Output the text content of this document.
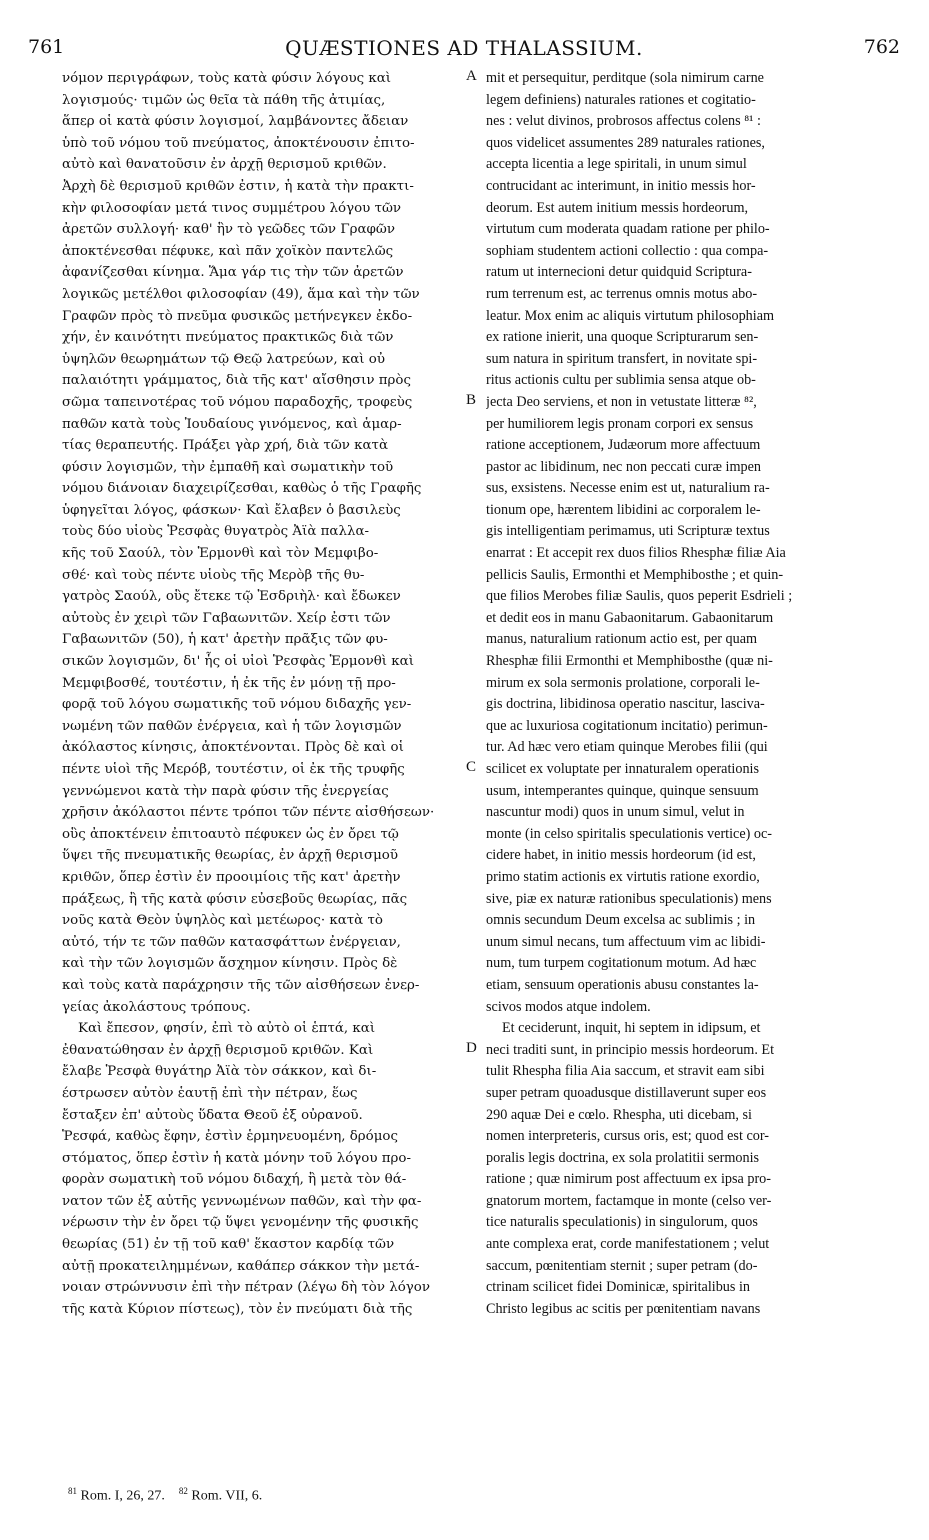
761	QUÆSTIONES AD THALASSIUM.	762
νόμον περιγράφων, τοὺς κατὰ φύσιν λόγους καὶ
λογισμούς· τιμῶν ὡς θεῖα τὰ πάθη τῆς ἀτιμίας,
ἅπερ οἱ κατὰ φύσιν λογισμοί, λαμβάνοντες ἄδειαν
ὑπὸ τοῦ νόμου τοῦ πνεύματος, ἀποκτένουσιν ἐπιτο-
αὐτὸ καὶ θανατοῦσιν ἐν ἀρχῇ θερισμοῦ κριθῶν.
Ἀρχὴ δὲ θερισμοῦ κριθῶν ἐστιν, ἡ κατὰ τὴν πρακτι-
κὴν φιλοσοφίαν μετά τινος συμμέτρου λόγου τῶν
ἀρετῶν συλλογή· καθ' ἣν τὸ γεῶδες τῶν Γραφῶν
ἀποκτένεσθαι πέφυκε, καὶ πᾶν χοϊκὸν παντελῶς
ἀφανίζεσθαι κίνημα. Ἅμα γάρ τις τὴν τῶν ἀρετῶν
λογικῶς μετέλθοι φιλοσοφίαν (49), ἅμα καὶ τὴν τῶν
Γραφῶν πρὸς τὸ πνεῦμα φυσικῶς μετήνεγκεν ἐκδο-
χήν, ἐν καινότητι πνεύματος πρακτικῶς διὰ τῶν
ὑψηλῶν θεωρημάτων τῷ Θεῷ λατρεύων, καὶ οὐ
παλαιότητι γράμματος, διὰ τῆς κατ' αἴσθησιν πρὸς
σῶμα ταπεινοτέρας τοῦ νόμου παραδοχῆς, τροφεὺς
παθῶν κατὰ τοὺς Ἰουδαίους γινόμενος, καὶ ἁμαρ-
τίας θεραπευτής. Πράξει γὰρ χρή, διὰ τῶν κατὰ
φύσιν λογισμῶν, τὴν ἐμπαθῆ καὶ σωματικὴν τοῦ
νόμου διάνοιαν διαχειρίζεσθαι, καθὼς ὁ τῆς Γραφῆς
ὑφηγεῖται λόγος, φάσκων· Καὶ ἔλαβεν ὁ βασιλεὺς
τοὺς δύο υἱοὺς Ῥεσφὰς θυγατρὸς Ἀϊὰ παλλα-
κῆς τοῦ Σαούλ, τὸν Ἑρμονθὶ καὶ τὸν Μεμφιβο-
σθέ· καὶ τοὺς πέντε υἱοὺς τῆς Μερὸβ τῆς θυ-
γατρὸς Σαούλ, οὓς ἔτεκε τῷ Ἐσδριὴλ· καὶ ἔδωκεν
αὐτοὺς ἐν χειρὶ τῶν Γαβαωνιτῶν. Χείρ ἐστι τῶν
Γαβαωνιτῶν (50), ἡ κατ' ἀρετὴν πρᾶξις τῶν φυ-
σικῶν λογισμῶν, δι' ἧς οἱ υἱοὶ Ῥεσφὰς Ἑρμονθὶ καὶ
Μεμφιβοσθέ, τουτέστιν, ἡ ἐκ τῆς ἐν μόνῃ τῇ προ-
φορᾷ τοῦ λόγου σωματικῆς τοῦ νόμου διδαχῆς γεν-
νωμένη τῶν παθῶν ἐνέργεια, καὶ ἡ τῶν λογισμῶν
ἀκόλαστος κίνησις, ἀποκτένονται. Πρὸς δὲ καὶ οἱ
πέντε υἱοὶ τῆς Μερόβ, τουτέστιν, οἱ ἐκ τῆς τρυφῆς
γεννώμενοι κατὰ τὴν παρὰ φύσιν τῆς ἐνεργείας
χρῆσιν ἀκόλαστοι πέντε τρόποι τῶν πέντε αἰσθήσεων·
οὓς ἀποκτένειν ἐπιτοαυτὸ πέφυκεν ὡς ἐν ὄρει τῷ
ὕψει τῆς πνευματικῆς θεωρίας, ἐν ἀρχῇ θερισμοῦ
κριθῶν, ὅπερ ἐστὶν ἐν προοιμίοις τῆς κατ' ἀρετὴν
πράξεως, ἢ τῆς κατὰ φύσιν εὐσεβοῦς θεωρίας, πᾶς
νοῦς κατὰ Θεὸν ὑψηλὸς καὶ μετέωρος· κατὰ τὸ
αὐτό, τήν τε τῶν παθῶν κατασφάττων ἐνέργειαν,
καὶ τὴν τῶν λογισμῶν ἄσχημον κίνησιν. Πρὸς δὲ
καὶ τοὺς κατὰ παράχρησιν τῆς τῶν αἰσθήσεων ἐνερ-
γείας ἀκολάστους τρόπους.
Καὶ ἔπεσον, φησίν, ἐπὶ τὸ αὐτὸ οἱ ἑπτά, καὶ
ἐθανατώθησαν ἐν ἀρχῇ θερισμοῦ κριθῶν. Καὶ
ἔλαβε Ῥεσφὰ θυγάτηρ Ἀϊὰ τὸν σάκκον, καὶ δι-
έστρωσεν αὐτὸν ἑαυτῇ ἐπὶ τὴν πέτραν, ἕως
ἔσταξεν ἐπ' αὐτοὺς ὕδατα Θεοῦ ἐξ οὐρανοῦ.
Ῥεσφά, καθὼς ἔφην, ἐστὶν ἑρμηνευομένη, δρόμος
στόματος, ὅπερ ἐστὶν ἡ κατὰ μόνην τοῦ λόγου προ-
φορὰν σωματικὴ τοῦ νόμου διδαχή, ἢ μετὰ τὸν θά-
νατον τῶν ἐξ αὐτῆς γεννωμένων παθῶν, καὶ τὴν φα-
νέρωσιν τὴν ἐν ὄρει τῷ ὕψει γενομένην τῆς φυσικῆς
θεωρίας (51) ἐν τῇ τοῦ καθ' ἕκαστον καρδίᾳ τῶν
αὐτῇ προκατειλημμένων, καθάπερ σάκκον τὴν μετά-
νοιαν στρώννυσιν ἐπὶ τὴν πέτραν (λέγω δὴ τὸν λόγον
τῆς κατὰ Κύριον πίστεως), τὸν ἐν πνεύματι διὰ τῆς
mit et persequitur, perditque (sola nimirum carne
legem definiens) naturales rationes et cogitatio-
nes : velut divinos, probrosos affectus colens ⁸¹ :
quos videlicet assumentes 289 naturales rationes,
accepta licentia a lege spiritali, in unum simul
contrucidant ac interimunt, in initio messis hor-
deorum. Est autem initium messis hordeorum,
virtutum cum moderata quadam ratione per philo-
sophiam studentem actioni collectio : qua compa-
ratum ut internecioni detur quidquid Scriptura-
rum terrenum est, ac terrenus omnis motus abo-
leatur. Mox enim ac aliquis virtutum philosophiam
ex ratione inierit, una quoque Scripturarum sen-
sum natura in spiritum transfert, in novitate spi-
ritus actionis cultu per sublimia sensa atque ob-
jecta Deo serviens, et non in vetustate litteræ ⁸²,
per humiliorem legis pronam corpori ex sensus
ratione acceptionem, Judæorum more affectuum
pastor ac libidinum, nec non peccati curæ impen
sus, exsistens. Necesse enim est ut, naturalium ra-
tionum ope, hærentem libidini ac corporalem le-
gis intelligentiam perimamus, uti Scripturæ textus
enarrat : Et accepit rex duos filios Rhesphæ filiæ Aia
pellicis Saulis, Ermonthi et Memphibosthe ; et quin-
que filios Merobes filiæ Saulis, quos peperit Esdrieli ;
et dedit eos in manu Gabaonitarum. Gabaonitarum
manus, naturalium rationum actio est, per quam
Rhesphæ filii Ermonthi et Memphibosthe (quæ ni-
mirum ex sola sermonis prolatione, corporali le-
gis doctrina, libidinosa operatio nascitur, lasciva-
que ac luxuriosa cogitationum incitatio) perimun-
tur. Ad hæc vero etiam quinque Merobes filii (qui
scilicet ex voluptate per innaturalem operationis
usum, intemperantes quinque, quinque sensuum
nascuntur modi) quos in unum simul, velut in
monte (in celso spiritalis speculationis vertice) oc-
cidere habet, in initio messis hordeorum (id est,
primo statim actionis ex virtutis ratione exordio,
sive, piæ ex naturæ rationibus speculationis) mens
omnis secundum Deum excelsa ac sublimis ; in
unum simul necans, tum affectuum vim ac libidi-
num, tum turpem cogitationum motum. Ad hæc
etiam, sensuum operationis abusu constantes la-
scivos modos atque indolem.
Et ceciderunt, inquit, hi septem in idipsum, et
neci traditi sunt, in principio messis hordeorum. Et
tulit Rhespha filia Aia saccum, et stravit eam sibi
super petram quoadusque distillaverunt super eos
290 aquæ Dei e cœlo. Rhespha, uti dicebam, si
nomen interpreteris, cursus oris, est; quod est cor-
poralis legis doctrina, ex sola prolatitii sermonis
ratione ; quæ nimirum post affectuum ex ipsa pro-
gnatorum mortem, factamque in monte (celso ver-
tice naturalis speculationis) in singulorum, quos
ante complexa erat, corde manifestationem ; velut
saccum, pœnitentiam sternit ; super petram (do-
ctrinam scilicet fidei Dominicæ, spiritalibus in
Christo legibus ac scitis per pœnitentiam navans
A
B
C
D
$^{81}$ Rom. I, 26, 27. $^{82}$ Rom. VII, 6.
